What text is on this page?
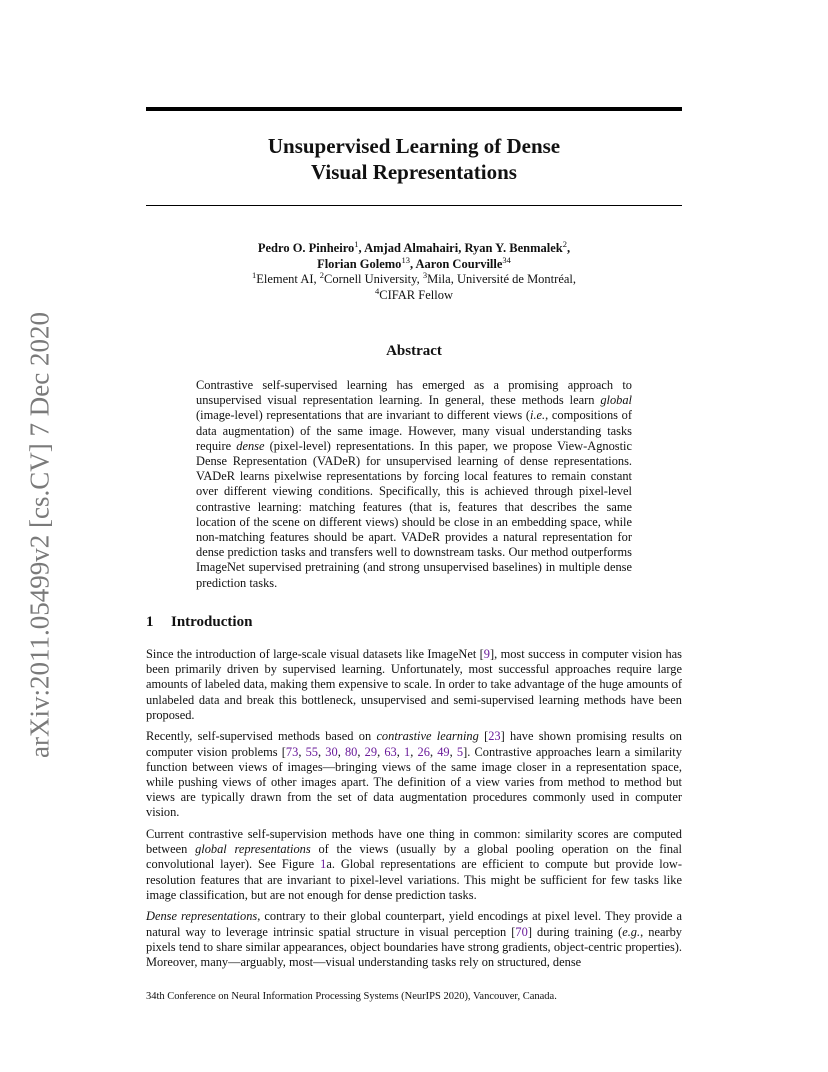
arXiv:2011.05499v2 [cs.CV] 7 Dec 2020
Unsupervised Learning of Dense
Visual Representations
Pedro O. Pinheiro$^1$, Amjad Almahairi, Ryan Y. Benmalek$^2$,
Florian Golemo$^{13}$, Aaron Courville$^{34}$
$^1$Element AI, $^2$Cornell University, $^3$Mila, Université de Montréal,
$^4$CIFAR Fellow
Abstract

Contrastive self-supervised learning has emerged as a promising approach to unsupervised visual representation learning. In general, these methods learn global (image-level) representations that are invariant to different views (i.e., compositions of data augmentation) of the same image. However, many visual understanding tasks require dense (pixel-level) representations. In this paper, we propose View-Agnostic Dense Representation (VADeR) for unsupervised learning of dense representations. VADeR learns pixelwise representations by forcing local features to remain constant over different viewing conditions. Specifically, this is achieved through pixel-level contrastive learning: matching features (that is, features that describes the same location of the scene on different views) should be close in an embedding space, while non-matching features should be apart. VADeR provides a natural representation for dense prediction tasks and transfers well to downstream tasks. Our method outperforms ImageNet supervised pretraining (and strong unsupervised baselines) in multiple dense prediction tasks.

1 Introduction

Since the introduction of large-scale visual datasets like ImageNet [9], most success in computer vision has been primarily driven by supervised learning. Unfortunately, most successful approaches require large amounts of labeled data, making them expensive to scale. In order to take advantage of the huge amounts of unlabeled data and break this bottleneck, unsupervised and semi-supervised learning methods have been proposed.

Recently, self-supervised methods based on contrastive learning [23] have shown promising results on computer vision problems [73, 55, 30, 80, 29, 63, 1, 26, 49, 5]. Contrastive approaches learn a similarity function between views of images—bringing views of the same image closer in a representation space, while pushing views of other images apart. The definition of a view varies from method to method but views are typically drawn from the set of data augmentation procedures commonly used in computer vision.

Current contrastive self-supervision methods have one thing in common: similarity scores are computed between global representations of the views (usually by a global pooling operation on the final convolutional layer). See Figure 1a. Global representations are efficient to compute but provide low-resolution features that are invariant to pixel-level variations. This might be sufficient for few tasks like image classification, but are not enough for dense prediction tasks.

Dense representations, contrary to their global counterpart, yield encodings at pixel level. They provide a natural way to leverage intrinsic spatial structure in visual perception [70] during training (e.g., nearby pixels tend to share similar appearances, object boundaries have strong gradients, object-centric properties). Moreover, many—arguably, most—visual understanding tasks rely on structured, dense

34th Conference on Neural Information Processing Systems (NeurIPS 2020), Vancouver, Canada.
